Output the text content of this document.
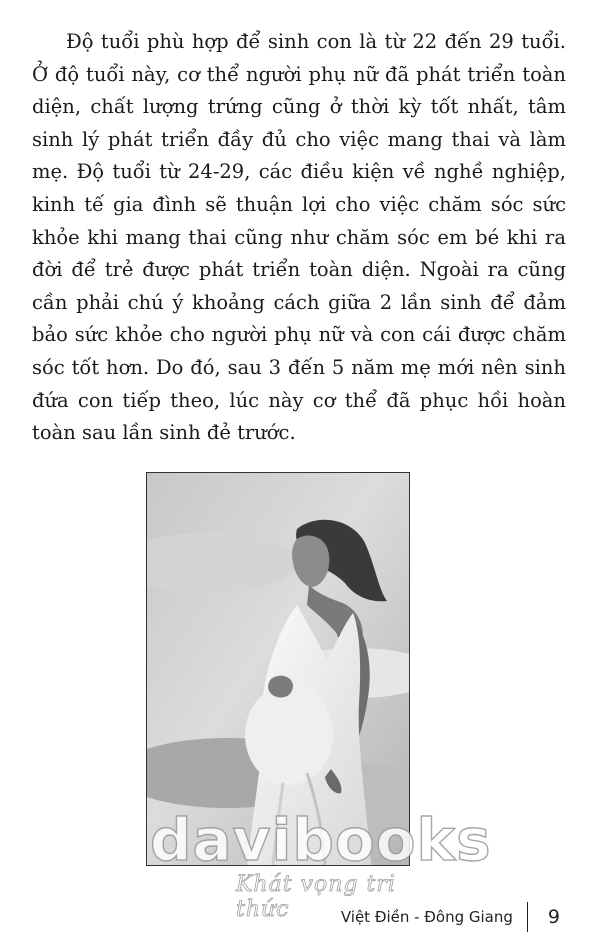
Độ tuổi phù hợp để sinh con là từ 22 đến 29 tuổi. Ở độ tuổi này, cơ thể người phụ nữ đã phát triển toàn diện, chất lượng trứng cũng ở thời kỳ tốt nhất, tâm sinh lý phát triển đầy đủ cho việc mang thai và làm mẹ. Độ tuổi từ 24-29, các điều kiện về nghề nghiệp, kinh tế gia đình sẽ thuận lợi cho việc chăm sóc sức khỏe khi mang thai cũng như chăm sóc em bé khi ra đời để trẻ được phát triển toàn diện. Ngoài ra cũng cần phải chú ý khoảng cách giữa 2 lần sinh để đảm bảo sức khỏe cho người phụ nữ và con cái được chăm sóc tốt hơn. Do đó, sau 3 đến 5 năm mẹ mới nên sinh đứa con tiếp theo, lúc này cơ thể đã phục hồi hoàn toàn sau lần sinh đẻ trước.

davibooks
Khát vọng tri thức	Việt Điền - Đông Giang 9
